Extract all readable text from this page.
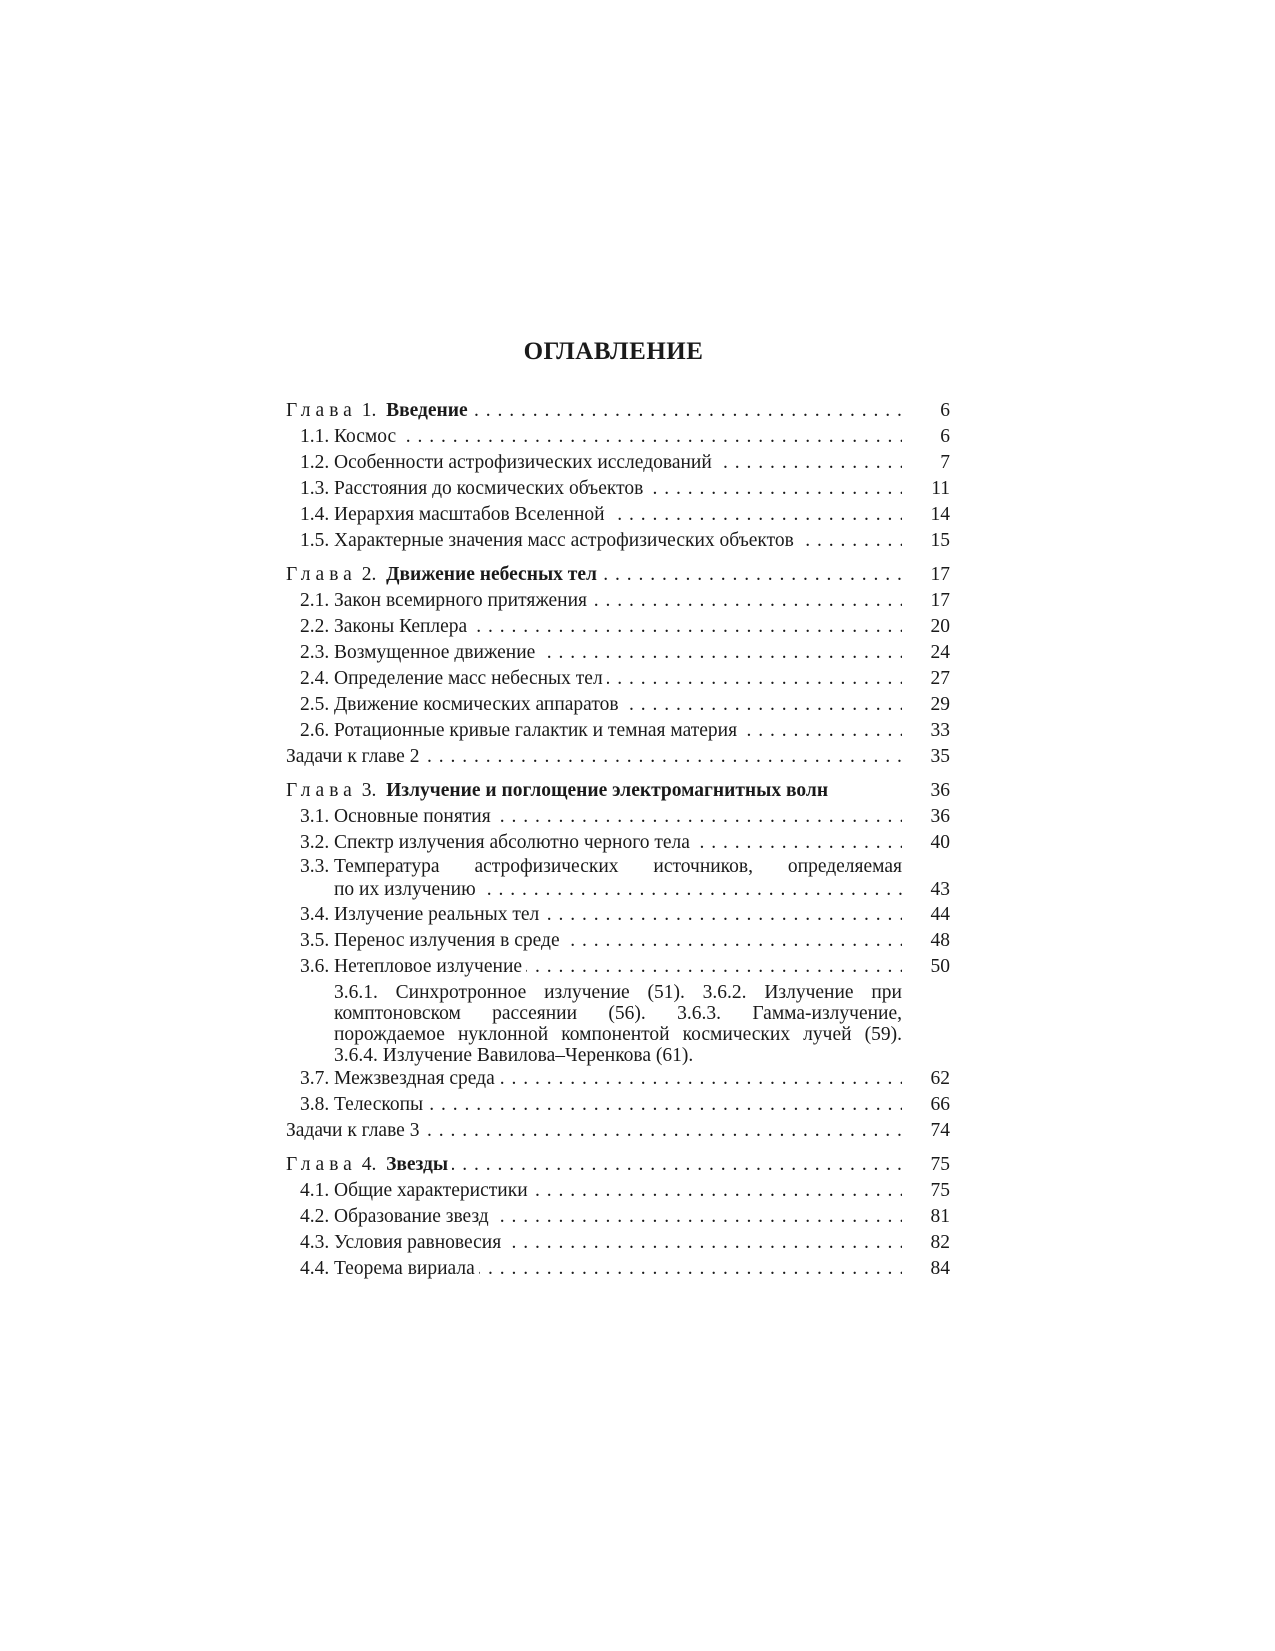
ОГЛАВЛЕНИЕ
Глава 1. Введение . . .	6
1.1. Космос . . .	6
1.2. Особенности астрофизических исследований . . .	7
1.3. Расстояния до космических объектов . . .	11
1.4. Иерархия масштабов Вселенной . . .	14
1.5. Характерные значения масс астрофизических объектов . . .	15
Глава 2. Движение небесных тел . . .	17
2.1. Закон всемирного притяжения . . .	17
2.2. Законы Кеплера . . .	20
2.3. Возмущенное движение . . .	24
2.4. Определение масс небесных тел . . .	27
2.5. Движение космических аппаратов . . .	29
2.6. Ротационные кривые галактик и темная материя . . .	33
Задачи к главе 2 . . .	35
Глава 3. Излучение и поглощение электромагнитных волн	36
3.1. Основные понятия . . .	36
3.2. Спектр излучения абсолютно черного тела . . .	40
3.3. Температура астрофизических источников, определяемая
по их излучению . . .	43
3.4. Излучение реальных тел . . .	44
3.5. Перенос излучения в среде . . .	48
3.6. Нетепловое излучение . . .	50
3.6.1. Синхротронное излучение (51). 3.6.2. Излучение при комптоновском рассеянии (56). 3.6.3. Гамма-излучение, порождаемое нуклонной компонентой космических лучей (59). 3.6.4. Излучение Вавилова–Черенкова (61).
3.7. Межзвездная среда . . .	62
3.8. Телескопы . . .	66
Задачи к главе 3 . . .	74
Глава 4. Звезды . . .	75
4.1. Общие характеристики . . .	75
4.2. Образование звезд . . .	81
4.3. Условия равновесия . . .	82
4.4. Теорема вириала . . .	84
